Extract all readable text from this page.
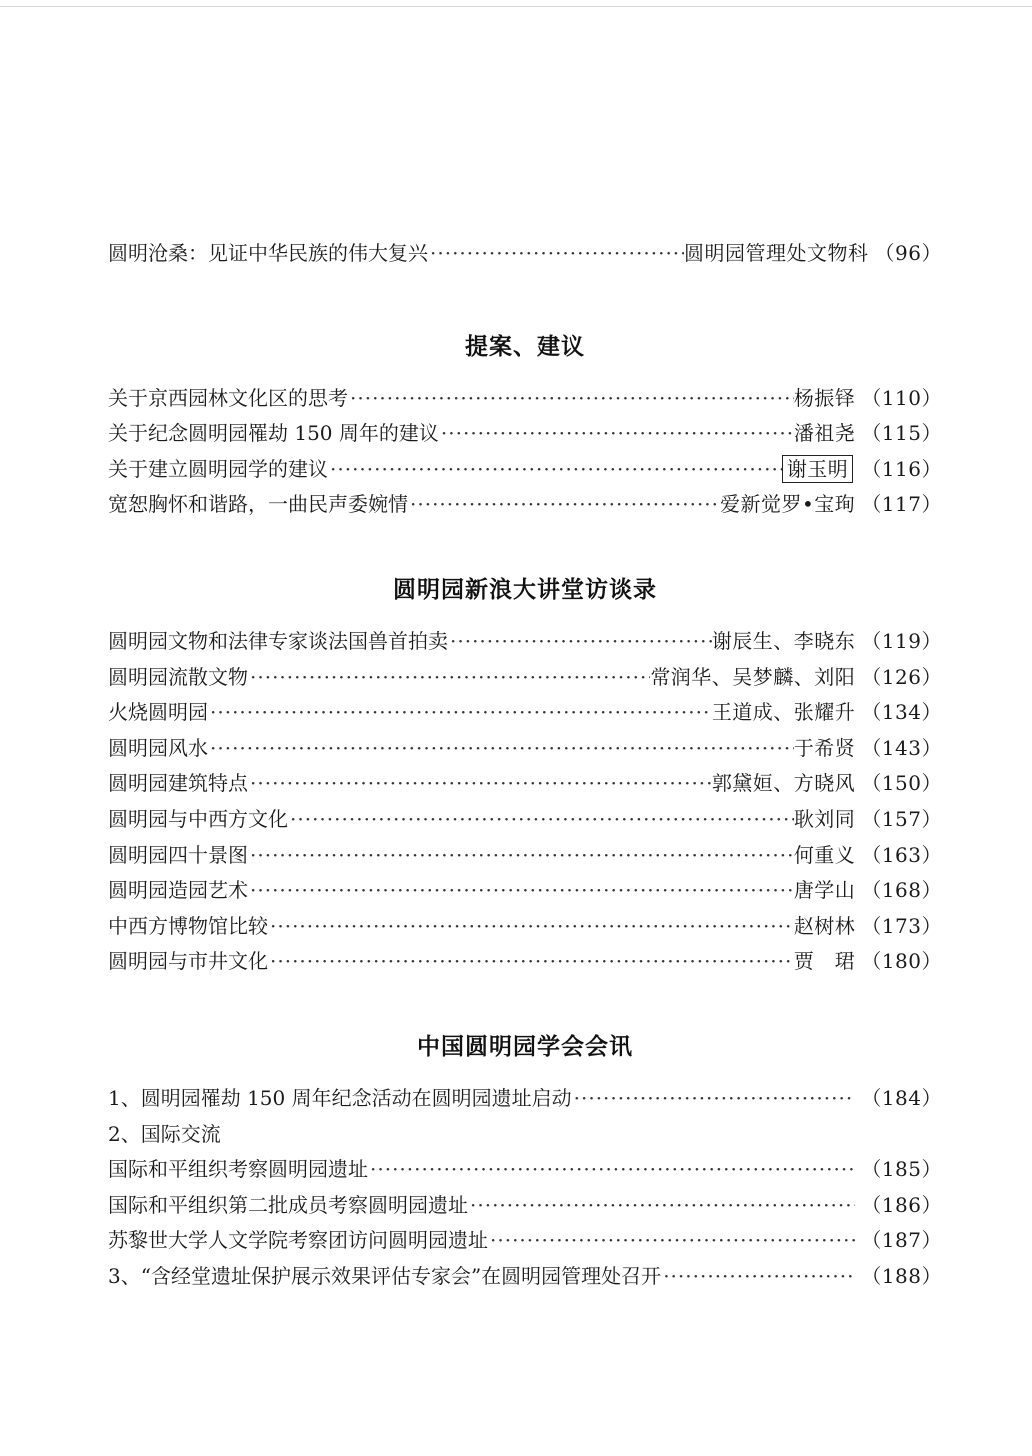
圆明沧桑：见证中华民族的伟大复兴 ·····	圆明园管理处文物科 （96）
提案、建议
关于京西园林文化区的思考 ·····	杨振铎 （110）
关于纪念圆明园罹劫 150 周年的建议 ·····	潘祖尧 （115）
关于建立圆明园学的建议 ·····	谢玉明 （116）
宽恕胸怀和谐路，一曲民声委婉情 ·····	爱新觉罗•宝珣 （117）
圆明园新浪大讲堂访谈录
圆明园文物和法律专家谈法国兽首拍卖 ·····	谢辰生、李晓东 （119）
圆明园流散文物 ·····	常润华、吴梦麟、刘阳 （126）
火烧圆明园 ·····	王道成、张耀升 （134）
圆明园风水 ·····	于希贤 （143）
圆明园建筑特点 ·····	郭黛姮、方晓风 （150）
圆明园与中西方文化 ·····	耿刘同 （157）
圆明园四十景图 ·····	何重义 （163）
圆明园造园艺术 ·····	唐学山 （168）
中西方博物馆比较 ·····	赵树林 （173）
圆明园与市井文化 ·····	贾　珺 （180）
中国圆明园学会会讯
1、圆明园罹劫 150 周年纪念活动在圆明园遗址启动 ·····	（184）
2、国际交流
国际和平组织考察圆明园遗址 ·····	（185）
国际和平组织第二批成员考察圆明园遗址 ·····	（186）
苏黎世大学人文学院考察团访问圆明园遗址 ·····	（187）
3、“含经堂遗址保护展示效果评估专家会”在圆明园管理处召开 ·····	（188）
